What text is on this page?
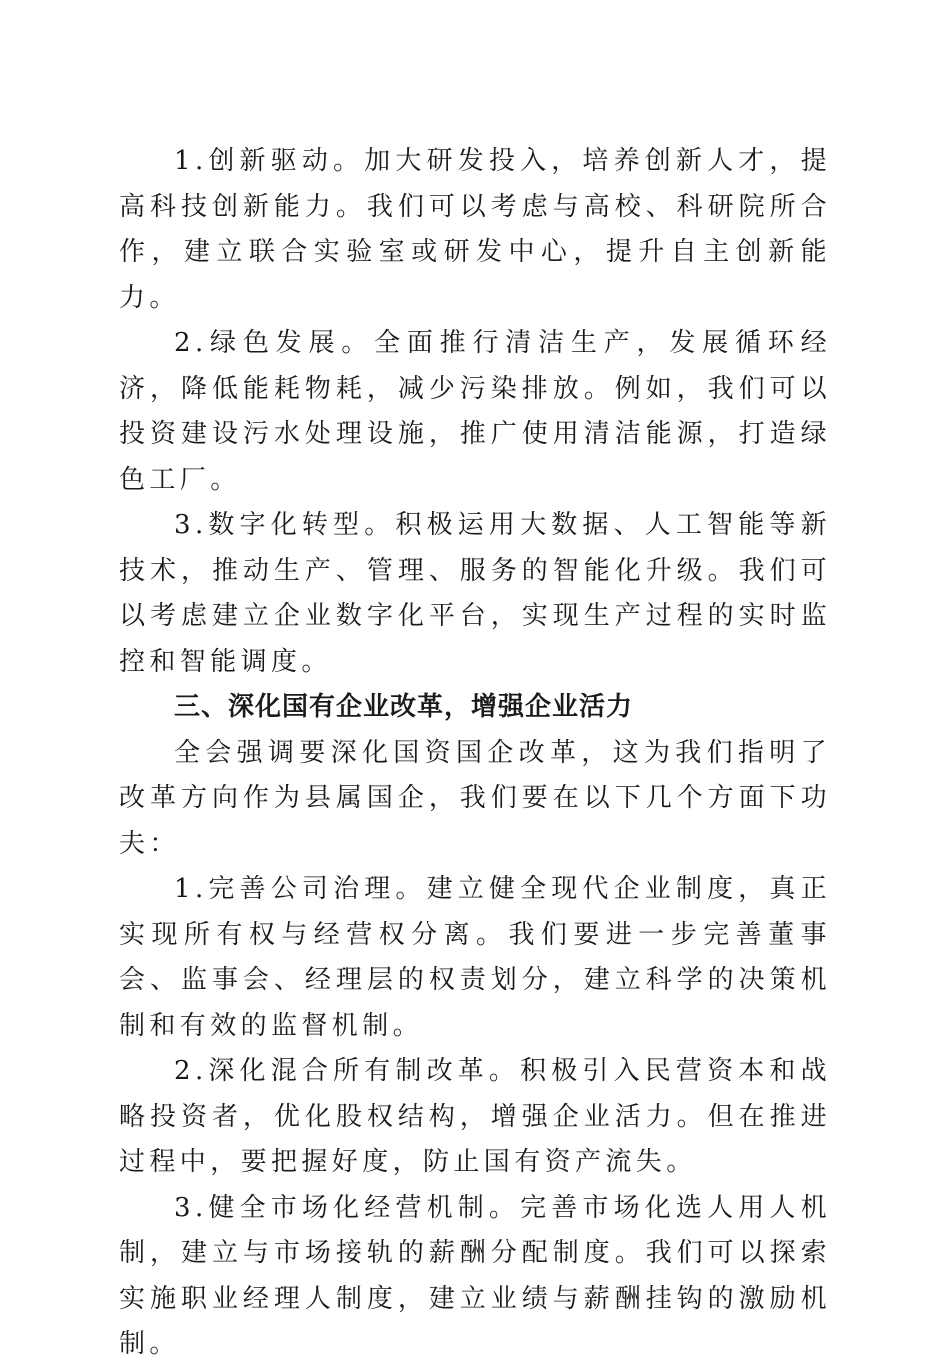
1.创新驱动。加大研发投入，培养创新人才，提高科技创新能力。我们可以考虑与高校、科研院所合作，建立联合实验室或研发中心，提升自主创新能力。

2.绿色发展。全面推行清洁生产，发展循环经济，降低能耗物耗，减少污染排放。例如，我们可以投资建设污水处理设施，推广使用清洁能源，打造绿色工厂。

3.数字化转型。积极运用大数据、人工智能等新技术，推动生产、管理、服务的智能化升级。我们可以考虑建立企业数字化平台，实现生产过程的实时监控和智能调度。

三、深化国有企业改革，增强企业活力

全会强调要深化国资国企改革，这为我们指明了改革方向作为县属国企，我们要在以下几个方面下功夫：

1.完善公司治理。建立健全现代企业制度，真正实现所有权与经营权分离。我们要进一步完善董事会、监事会、经理层的权责划分，建立科学的决策机制和有效的监督机制。

2.深化混合所有制改革。积极引入民营资本和战略投资者，优化股权结构，增强企业活力。但在推进过程中，要把握好度，防止国有资产流失。

3.健全市场化经营机制。完善市场化选人用人机制，建立与市场接轨的薪酬分配制度。我们可以探索实施职业经理人制度，建立业绩与薪酬挂钩的激励机制。
